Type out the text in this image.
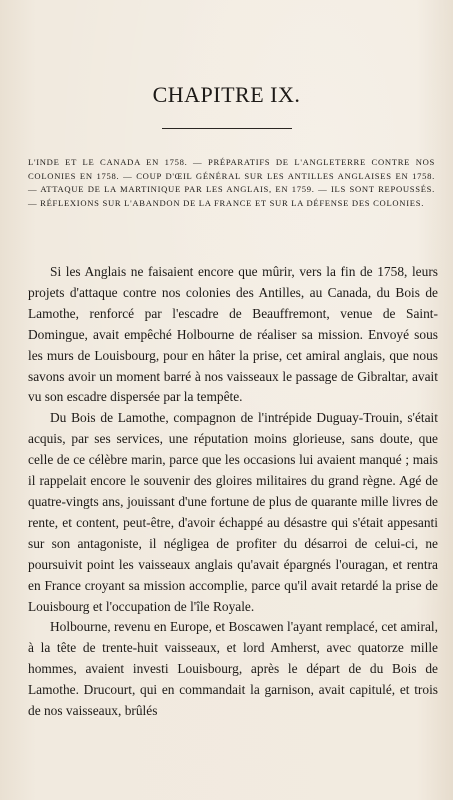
CHAPITRE IX.

L'INDE ET LE CANADA EN 1758. — PRÉPARATIFS DE L'ANGLETERRE CONTRE NOS COLONIES EN 1758. — COUP D'ŒIL GÉNÉRAL SUR LES ANTILLES ANGLAISES EN 1758. — ATTAQUE DE LA MARTINIQUE PAR LES ANGLAIS, EN 1759. — ILS SONT REPOUSSÉS. — RÉFLEXIONS SUR L'ABANDON DE LA FRANCE ET SUR LA DÉFENSE DES COLONIES.

Si les Anglais ne faisaient encore que mûrir, vers la fin de 1758, leurs projets d'attaque contre nos colonies des Antilles, au Canada, du Bois de Lamothe, renforcé par l'escadre de Beauffremont, venue de Saint-Domingue, avait empêché Holbourne de réaliser sa mission. Envoyé sous les murs de Louisbourg, pour en hâter la prise, cet amiral anglais, que nous savons avoir un moment barré à nos vaisseaux le passage de Gibraltar, avait vu son escadre dispersée par la tempête.

Du Bois de Lamothe, compagnon de l'intrépide Duguay-Trouin, s'était acquis, par ses services, une réputation moins glorieuse, sans doute, que celle de ce célèbre marin, parce que les occasions lui avaient manqué ; mais il rappelait encore le souvenir des gloires militaires du grand règne. Agé de quatre-vingts ans, jouissant d'une fortune de plus de quarante mille livres de rente, et content, peut-être, d'avoir échappé au désastre qui s'était appesanti sur son antagoniste, il négligea de profiter du désarroi de celui-ci, ne poursuivit point les vaisseaux anglais qu'avait épargnés l'ouragan, et rentra en France croyant sa mission accomplie, parce qu'il avait retardé la prise de Louisbourg et l'occupation de l'île Royale.

Holbourne, revenu en Europe, et Boscawen l'ayant remplacé, cet amiral, à la tête de trente-huit vaisseaux, et lord Amherst, avec quatorze mille hommes, avaient investi Louisbourg, après le départ de du Bois de Lamothe. Drucourt, qui en commandait la garnison, avait capitulé, et trois de nos vaisseaux, brûlés
